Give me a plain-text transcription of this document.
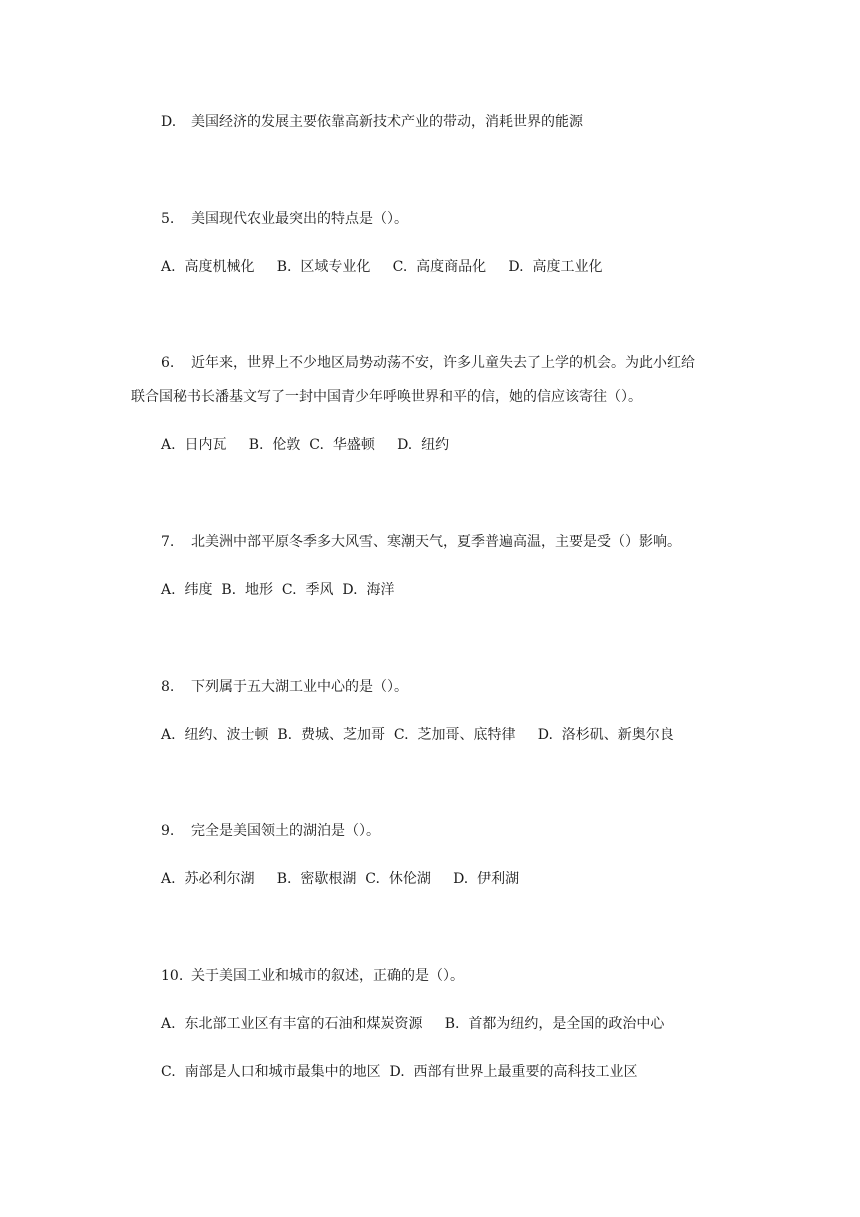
D. 美国经济的发展主要依靠高新技术产业的带动，消耗世界的能源
5. 美国现代农业最突出的特点是（）。
A.  高度机械化     B.  区域专业化     C.  高度商品化     D.  高度工业化
6. 近年来，世界上不少地区局势动荡不安，许多儿童失去了上学的机会。为此小红给
联合国秘书长潘基文写了一封中国青少年呼唤世界和平的信，她的信应该寄往（）。
A.  日内瓦     B.  伦敦  C.  华盛顿     D.  纽约
7. 北美洲中部平原冬季多大风雪、寒潮天气，夏季普遍高温，主要是受（）影响。
A.  纬度  B.  地形  C.  季风  D.  海洋
8. 下列属于五大湖工业中心的是（）。
A.  纽约、波士顿  B.  费城、芝加哥  C.  芝加哥、底特律     D.  洛杉矶、新奥尔良
9. 完全是美国领土的湖泊是（）。
A.  苏必利尔湖     B.  密歇根湖  C.  休伦湖     D.  伊利湖
10. 关于美国工业和城市的叙述，正确的是（）。
A.  东北部工业区有丰富的石油和煤炭资源     B.  首都为纽约，是全国的政治中心
C.  南部是人口和城市最集中的地区  D.  西部有世界上最重要的高科技工业区
